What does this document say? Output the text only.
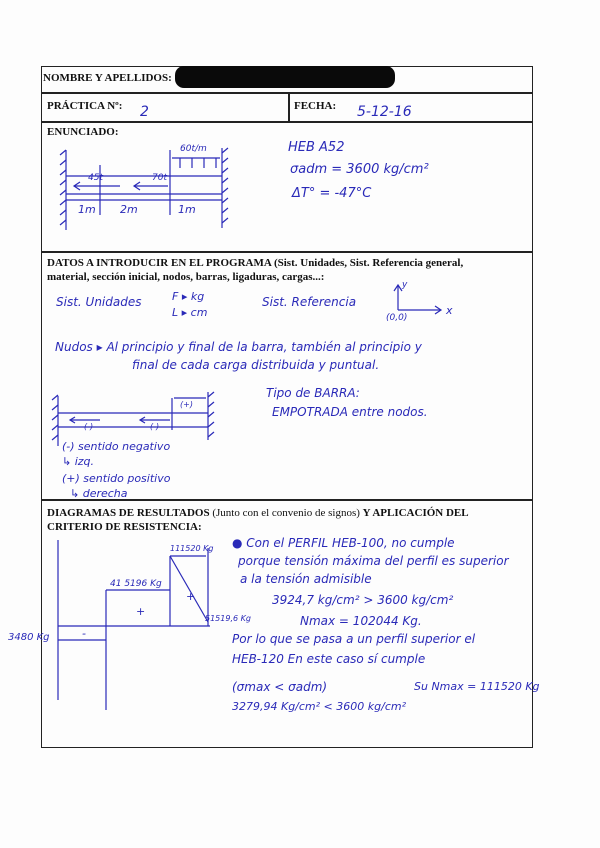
NOMBRE Y APELLIDOS:
PRÁCTICA Nº: 2	FECHA: 5-12-16
ENUNCIADO:
60t/m
45t	70t
1m 2m	1m
HEB A52
σadm = 3600 kg/cm²
ΔT° = -47°C
DATOS A INTRODUCIR EN EL PROGRAMA (Sist. Unidades, Sist. Referencia general,
material, sección inicial, nodos, barras, ligaduras, cargas...:
Sist. Unidades	F ▸ kg
L ▸ cm
Sist. Referencia
x
y
(0,0)
Nudos ▸ Al principio y final de la barra, también al principio y
final de cada carga distribuida y puntual.
Tipo de BARRA:
EMPOTRADA entre nodos.
(+)
(-)	(-)
(-) sentido negativo
↳ izq.
(+) sentido positivo
↳ derecha
DIAGRAMAS DE RESULTADOS (Junto con el convenio de signos) Y APLICACIÓN DEL
CRITERIO DE RESISTENCIA:
111520 Kg
41 5196 Kg
51519,6 Kg
3480 Kg
+
+
-
● Con el PERFIL HEB-100, no cumple
porque tensión máxima del perfil es superior
a la tensión admisible
3924,7 kg/cm² > 3600 kg/cm²
Nmax = 102044 Kg.
Por lo que se pasa a un perfil superior el
HEB-120 En este caso sí cumple
(σmax < σadm)	Su Nmax = 111520 Kg
3279,94 Kg/cm² < 3600 kg/cm²
